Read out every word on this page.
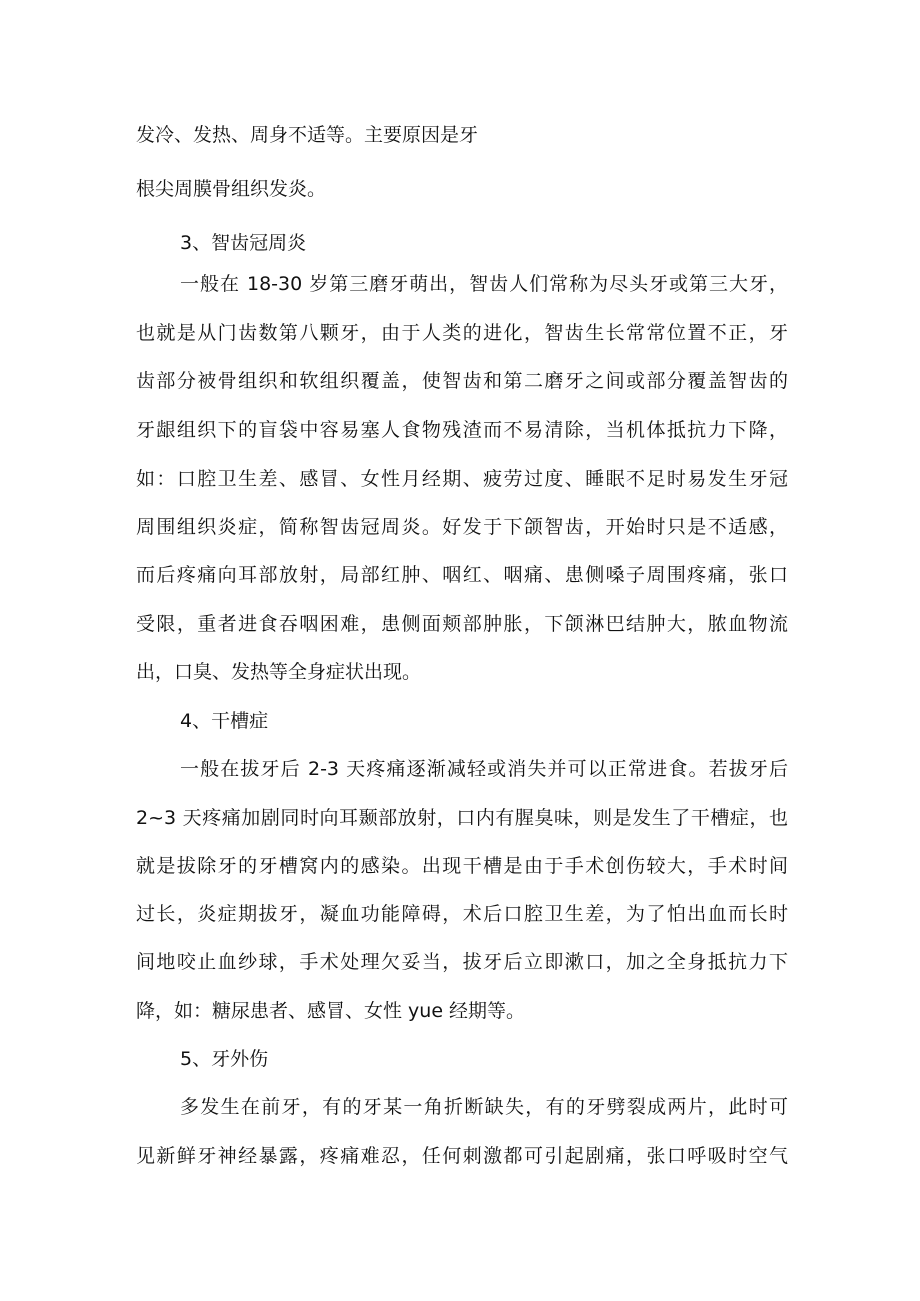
发冷、发热、周身不适等。主要原因是牙
根尖周膜骨组织发炎。
3、智齿冠周炎
一般在 18-30 岁第三磨牙萌出，智齿人们常称为尽头牙或第三大牙，
也就是从门齿数第八颗牙，由于人类的进化，智齿生长常常位置不正，牙
齿部分被骨组织和软组织覆盖，使智齿和第二磨牙之间或部分覆盖智齿的
牙龈组织下的盲袋中容易塞人食物残渣而不易清除，当机体抵抗力下降，
如：口腔卫生差、感冒、女性月经期、疲劳过度、睡眠不足时易发生牙冠
周围组织炎症，简称智齿冠周炎。好发于下颌智齿，开始时只是不适感，
而后疼痛向耳部放射，局部红肿、咽红、咽痛、患侧嗓子周围疼痛，张口
受限，重者进食吞咽困难，患侧面颊部肿胀，下颌淋巴结肿大，脓血物流
出，口臭、发热等全身症状出现。
4、干槽症
一般在拔牙后 2-3 天疼痛逐渐减轻或消失并可以正常进食。若拔牙后
2~3 天疼痛加剧同时向耳颞部放射，口内有腥臭味，则是发生了干槽症，也
就是拔除牙的牙槽窝内的感染。出现干槽是由于手术创伤较大，手术时间
过长，炎症期拔牙，凝血功能障碍，术后口腔卫生差，为了怕出血而长时
间地咬止血纱球，手术处理欠妥当，拔牙后立即漱口，加之全身抵抗力下
降，如：糖尿患者、感冒、女性 yue 经期等。
5、牙外伤
多发生在前牙，有的牙某一角折断缺失，有的牙劈裂成两片，此时可
见新鲜牙神经暴露，疼痛难忍，任何刺激都可引起剧痛，张口呼吸时空气
